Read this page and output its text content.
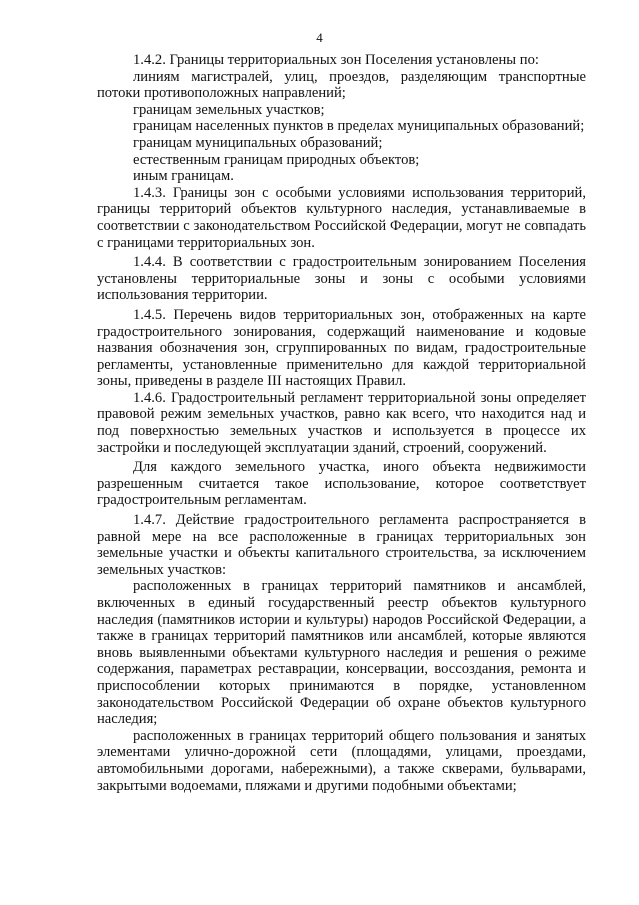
4

1.4.2. Границы территориальных зон Поселения установлены по:

линиям магистралей, улиц, проездов, разделяющим транспортные потоки противоположных направлений;

границам земельных участков;

границам населенных пунктов в пределах муниципальных образований;

границам муниципальных образований;

естественным границам природных объектов;

иным границам.

1.4.3. Границы зон с особыми условиями использования территорий, границы территорий объектов культурного наследия, устанавливаемые в соответствии с законодательством Российской Федерации, могут не совпадать с границами территориальных зон.

1.4.4. В соответствии с градостроительным зонированием Поселения установлены территориальные зоны и зоны с особыми условиями использования территории.

1.4.5. Перечень видов территориальных зон, отображенных на карте градостроительного зонирования, содержащий наименование и кодовые названия обозначения зон, сгруппированных по видам, градостроительные регламенты, установленные применительно для каждой территориальной зоны, приведены в разделе III настоящих Правил.

1.4.6. Градостроительный регламент территориальной зоны определяет правовой режим земельных участков, равно как всего, что находится над и под поверхностью земельных участков и используется в процессе их застройки и последующей эксплуатации зданий, строений, сооружений.

Для каждого земельного участка, иного объекта недвижимости разрешенным считается такое использование, которое соответствует градостроительным регламентам.

1.4.7. Действие градостроительного регламента распространяется в равной мере на все расположенные в границах территориальных зон земельные участки и объекты капитального строительства, за исключением земельных участков:

расположенных в границах территорий памятников и ансамблей, включенных в единый государственный реестр объектов культурного наследия (памятников истории и культуры) народов Российской Федерации, а также в границах территорий памятников или ансамблей, которые являются вновь выявленными объектами культурного наследия и решения о режиме содержания, параметрах реставрации, консервации, воссоздания, ремонта и приспособлении которых принимаются в порядке, установленном законодательством Российской Федерации об охране объектов культурного наследия;

расположенных в границах территорий общего пользования и занятых элементами улично-дорожной сети (площадями, улицами, проездами, автомобильными дорогами, набережными), а также скверами, бульварами, закрытыми водоемами, пляжами и другими подобными объектами;
